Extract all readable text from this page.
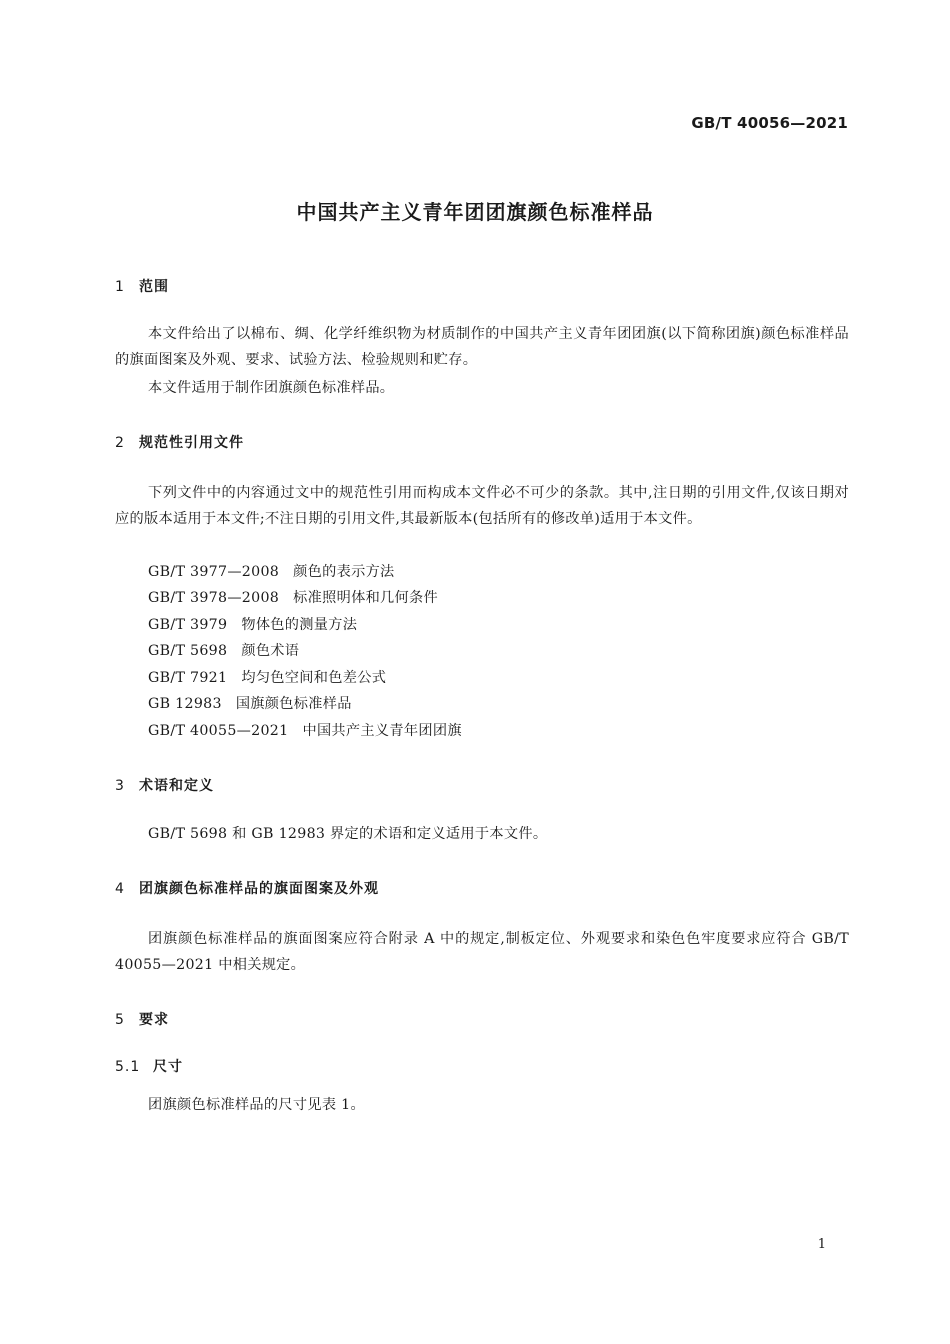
GB/T 40056—2021
中国共产主义青年团团旗颜色标准样品
1 范围

本文件给出了以棉布、绸、化学纤维织物为材质制作的中国共产主义青年团团旗(以下简称团旗)颜色标准样品的旗面图案及外观、要求、试验方法、检验规则和贮存。

本文件适用于制作团旗颜色标准样品。

2 规范性引用文件

下列文件中的内容通过文中的规范性引用而构成本文件必不可少的条款。其中,注日期的引用文件,仅该日期对应的版本适用于本文件;不注日期的引用文件,其最新版本(包括所有的修改单)适用于本文件。

GB/T 3977—2008 颜色的表示方法
GB/T 3978—2008 标准照明体和几何条件
GB/T 3979 物体色的测量方法
GB/T 5698 颜色术语
GB/T 7921 均匀色空间和色差公式
GB 12983 国旗颜色标准样品
GB/T 40055—2021 中国共产主义青年团团旗
3 术语和定义
GB/T 5698 和 GB 12983 界定的术语和定义适用于本文件。
4 团旗颜色标准样品的旗面图案及外观

团旗颜色标准样品的旗面图案应符合附录 A 中的规定,制板定位、外观要求和染色色牢度要求应符合 GB/T 40055—2021 中相关规定。

5 要求
5.1 尺寸
团旗颜色标准样品的尺寸见表 1。
1
